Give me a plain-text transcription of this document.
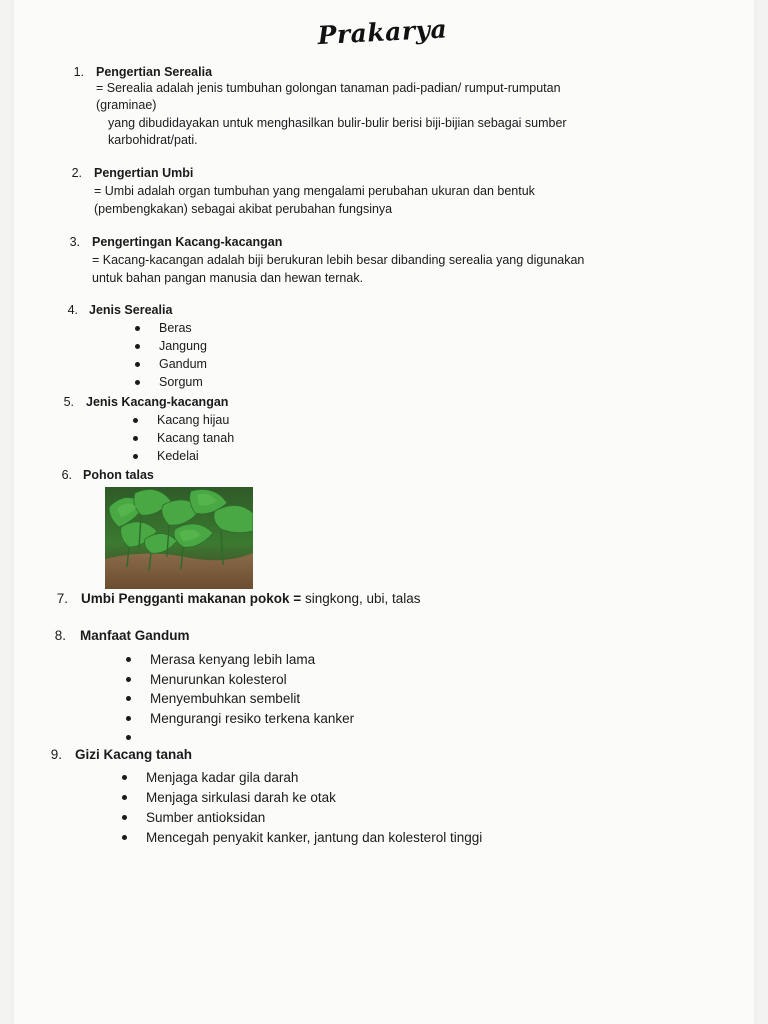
Prakarya
1. Pengertian Serealia
= Serealia adalah jenis tumbuhan golongan tanaman padi-padian/ rumput-rumputan
(graminae)
yang dibudidayakan untuk menghasilkan bulir-bulir berisi biji-bijian sebagai sumber
karbohidrat/pati.
2. Pengertian Umbi
= Umbi adalah organ tumbuhan yang mengalami perubahan ukuran dan bentuk
(pembengkakan) sebagai akibat perubahan fungsinya
3. Pengertingan Kacang-kacangan
= Kacang-kacangan adalah biji berukuran lebih besar dibanding serealia yang digunakan
untuk bahan pangan manusia dan hewan ternak.
4. Jenis Serealia
Beras
Jangung
Gandum
Sorgum
5. Jenis Kacang-kacangan
Kacang hijau
Kacang tanah
Kedelai
6. Pohon talas
7. Umbi Pengganti makanan pokok = singkong, ubi, talas
8. Manfaat Gandum
Merasa kenyang lebih lama
Menurunkan kolesterol
Menyembuhkan sembelit
Mengurangi resiko terkena kanker
9. Gizi Kacang tanah
Menjaga kadar gila darah
Menjaga sirkulasi darah ke otak
Sumber antioksidan
Mencegah penyakit kanker, jantung dan kolesterol tinggi
